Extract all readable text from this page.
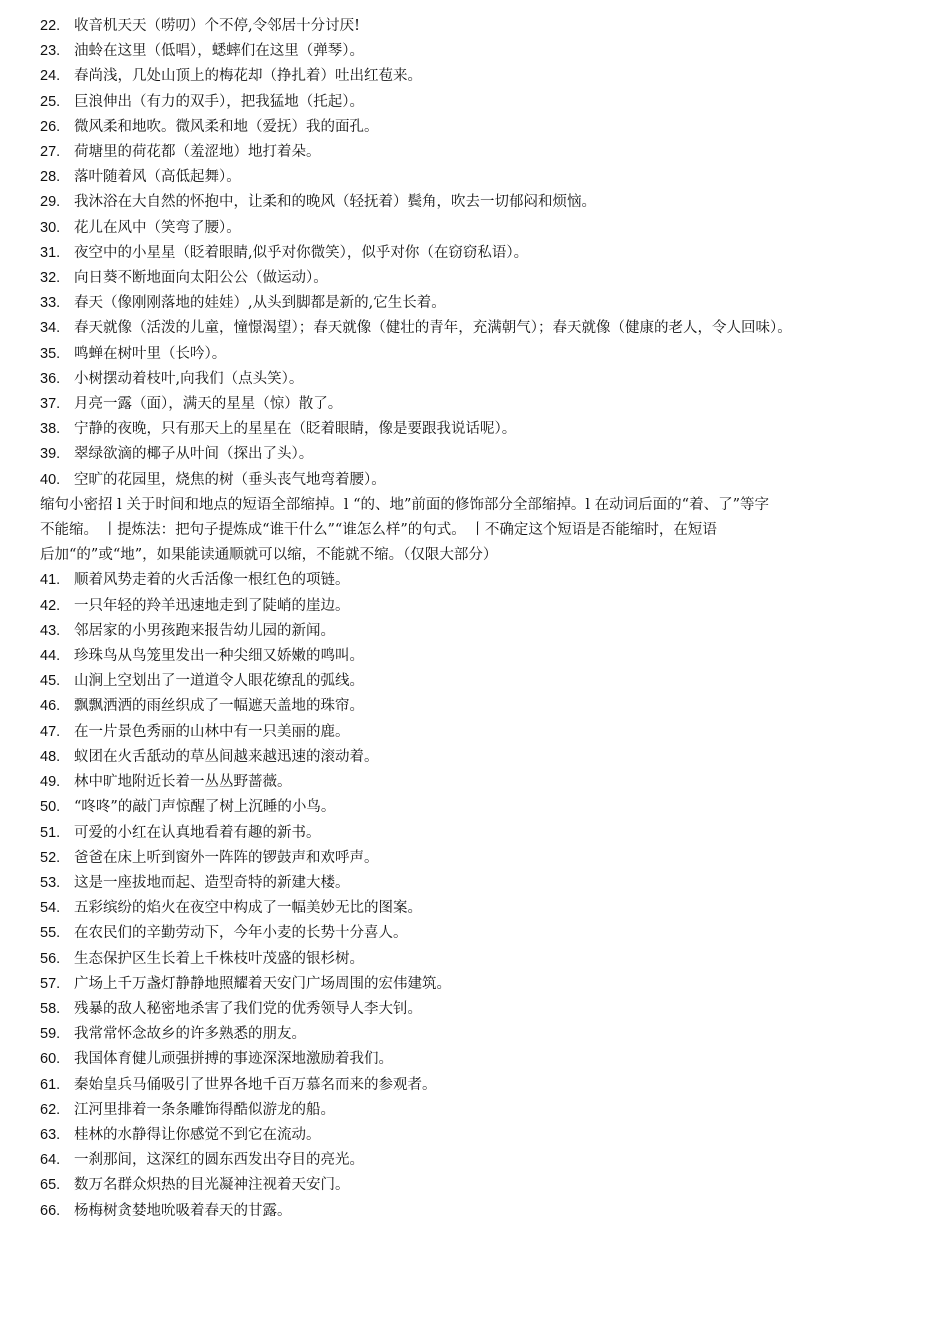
22. 收音机天天（唠叨）个不停,令邻居十分讨厌!
23. 油蛉在这里（低唱），蟋蟀们在这里（弹琴）。
24. 春尚浅，几处山顶上的梅花却（挣扎着）吐出红苞来。
25. 巨浪伸出（有力的双手），把我猛地（托起）。
26. 微风柔和地吹。微风柔和地（爱抚）我的面孔。
27. 荷塘里的荷花都（羞涩地）地打着朵。
28. 落叶随着风（高低起舞）。
29. 我沐浴在大自然的怀抱中，让柔和的晚风（轻抚着）鬓角，吹去一切郁闷和烦恼。
30. 花儿在风中（笑弯了腰）。
31. 夜空中的小星星（眨着眼睛,似乎对你微笑），似乎对你（在窃窃私语）。
32. 向日葵不断地面向太阳公公（做运动）。
33. 春天（像刚刚落地的娃娃）,从头到脚都是新的,它生长着。

34. 春天就像（活泼的儿童，憧憬渴望）；春天就像（健壮的青年，充满朝气）；春天就像（健康的老人，令人回味）。

35. 鸣蝉在树叶里（长吟）。
36. 小树摆动着枝叶,向我们（点头笑）。
37. 月亮一露（面），满天的星星（惊）散了。
38. 宁静的夜晚，只有那天上的星星在（眨着眼睛，像是要跟我说话呢）。
39. 翠绿欲滴的椰子从叶间（探出了头）。
40. 空旷的花园里，烧焦的树（垂头丧气地弯着腰）。
缩句小密招 l 关于时间和地点的短语全部缩掉。l “的、地”前面的修饰部分全部缩掉。l 在动词后面的“着、了”等字
不能缩。 丨提炼法：把句子提炼成“谁干什么”“谁怎么样”的句式。 丨不确定这个短语是否能缩时，在短语
后加“的”或“地”，如果能读通顺就可以缩，不能就不缩。（仅限大部分）
41. 顺着风势走着的火舌活像一根红色的项链。
42. 一只年轻的羚羊迅速地走到了陡峭的崖边。
43. 邻居家的小男孩跑来报告幼儿园的新闻。
44. 珍珠鸟从鸟笼里发出一种尖细又娇嫩的鸣叫。
45. 山涧上空划出了一道道令人眼花缭乱的弧线。
46. 飘飘洒洒的雨丝织成了一幅遮天盖地的珠帘。
47. 在一片景色秀丽的山林中有一只美丽的鹿。
48. 蚁团在火舌舐动的草丛间越来越迅速的滚动着。
49. 林中旷地附近长着一丛丛野蔷薇。
50. “咚咚”的敲门声惊醒了树上沉睡的小鸟。
51. 可爱的小红在认真地看着有趣的新书。
52. 爸爸在床上听到窗外一阵阵的锣鼓声和欢呼声。
53. 这是一座拔地而起、造型奇特的新建大楼。
54. 五彩缤纷的焰火在夜空中构成了一幅美妙无比的图案。
55. 在农民们的辛勤劳动下，今年小麦的长势十分喜人。
56. 生态保护区生长着上千株枝叶茂盛的银杉树。
57. 广场上千万盏灯静静地照耀着天安门广场周围的宏伟建筑。
58. 残暴的敌人秘密地杀害了我们党的优秀领导人李大钊。
59. 我常常怀念故乡的许多熟悉的朋友。
60. 我国体育健儿顽强拼搏的事迹深深地激励着我们。
61. 秦始皇兵马俑吸引了世界各地千百万慕名而来的参观者。
62. 江河里排着一条条雕饰得酷似游龙的船。
63. 桂林的水静得让你感觉不到它在流动。
64. 一刹那间，这深红的圆东西发出夺目的亮光。
65. 数万名群众炽热的目光凝神注视着天安门。
66. 杨梅树贪婪地吮吸着春天的甘露。
